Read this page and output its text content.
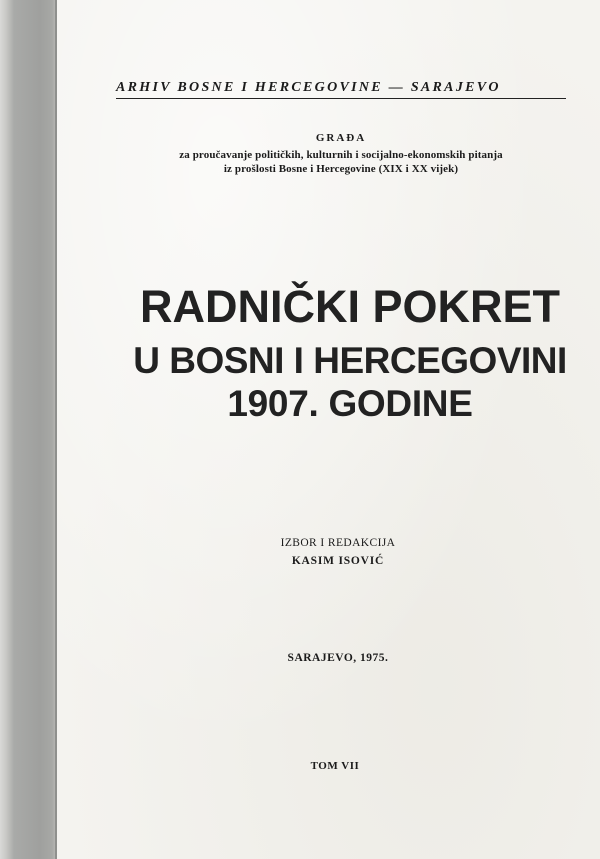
ARHIV BOSNE I HERCEGOVINE — SARAJEVO
GRAĐA
za proučavanje političkih, kulturnih i socijalno-ekonomskih pitanja
iz prošlosti Bosne i Hercegovine (XIX i XX vijek)
RADNIČKI POKRET
U BOSNI I HERCEGOVINI
1907. GODINE
IZBOR I REDAKCIJA
KASIM ISOVIĆ
SARAJEVO, 1975.
TOM VII
